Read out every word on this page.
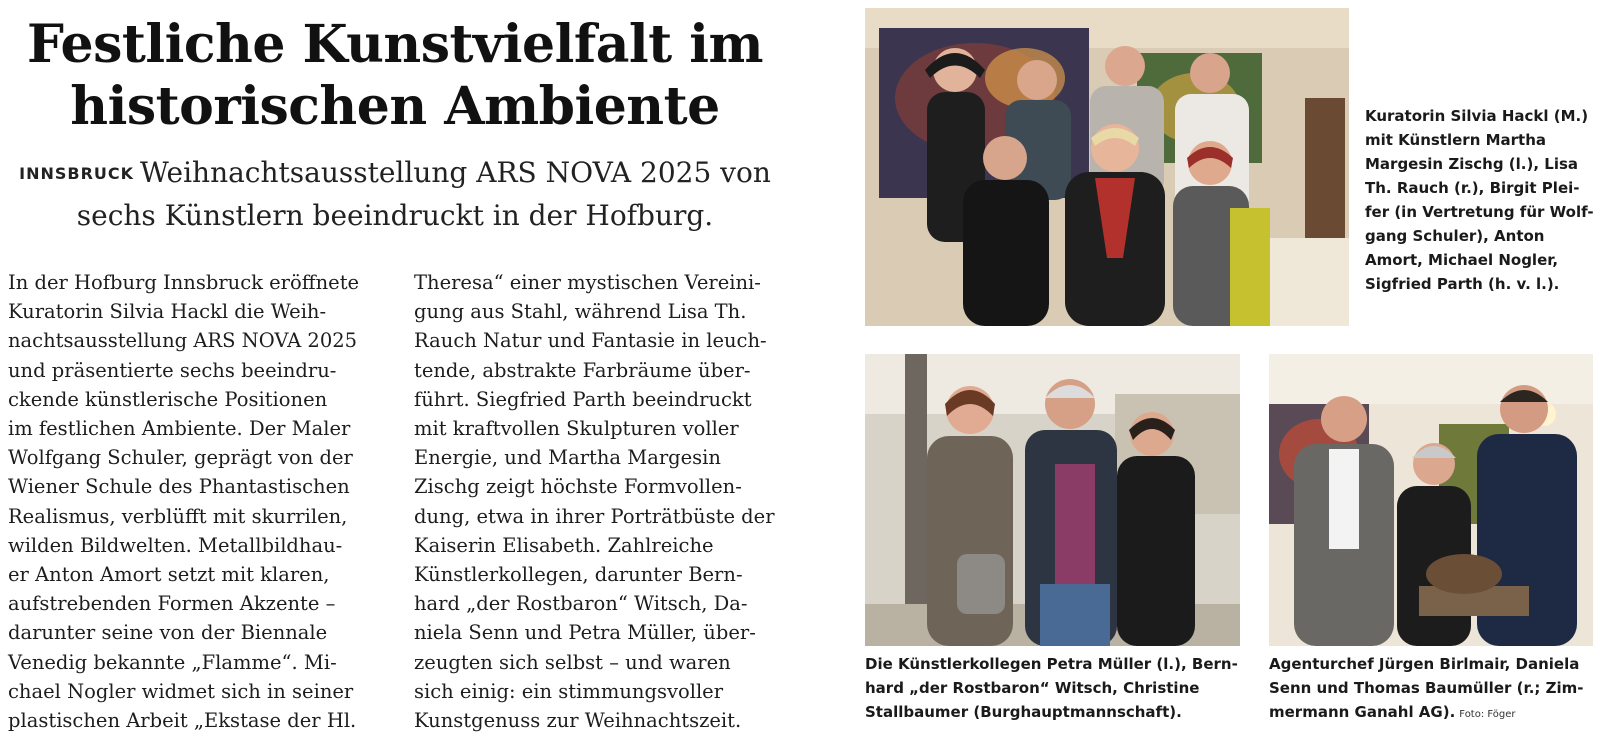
Festliche Kunstvielfalt im
historischen Ambiente
INNSBRUCK Weihnachtsausstellung ARS NOVA 2025 von
sechs Künstlern beeindruckt in der Hofburg.

In der Hofburg Innsbruck eröffnete

Kuratorin Silvia Hackl die Weih-

nachtsausstellung ARS NOVA 2025

und präsentierte sechs beeindru-

ckende künstlerische Positionen

im festlichen Ambiente. Der Maler

Wolfgang Schuler, geprägt von der

Wiener Schule des Phantastischen

Realismus, verblüfft mit skurrilen,

wilden Bildwelten. Metallbildhau-

er Anton Amort setzt mit klaren,

aufstrebenden Formen Akzente –

darunter seine von der Biennale

Venedig bekannte „Flamme“. Mi-

chael Nogler widmet sich in seiner

plastischen Arbeit „Ekstase der Hl.

Theresa“ einer mystischen Vereini-

gung aus Stahl, während Lisa Th.

Rauch Natur und Fantasie in leuch-

tende, abstrakte Farbräume über-

führt. Siegfried Parth beeindruckt

mit kraftvollen Skulpturen voller

Energie, und Martha Margesin

Zischg zeigt höchste Formvollen-

dung, etwa in ihrer Porträtbüste der

Kaiserin Elisabeth. Zahlreiche

Künstlerkollegen, darunter Bern-

hard „der Rostbaron“ Witsch, Da-

niela Senn und Petra Müller, über-

zeugten sich selbst – und waren

sich einig: ein stimmungsvoller

Kunstgenuss zur Weihnachtszeit.

Kuratorin Silvia Hackl (M.)

mit Künstlern Martha

Margesin Zischg (l.), Lisa

Th. Rauch (r.), Birgit Plei-

fer (in Vertretung für Wolf-

gang Schuler), Anton

Amort, Michael Nogler,

Sigfried Parth (h. v. l.).

Die Künstlerkollegen Petra Müller (l.), Bern-

hard „der Rostbaron“ Witsch, Christine

Stallbaumer (Burghauptmannschaft).

Agenturchef Jürgen Birlmair, Daniela

Senn und Thomas Baumüller (r.; Zim-

mermann Ganahl AG). Foto: Föger
